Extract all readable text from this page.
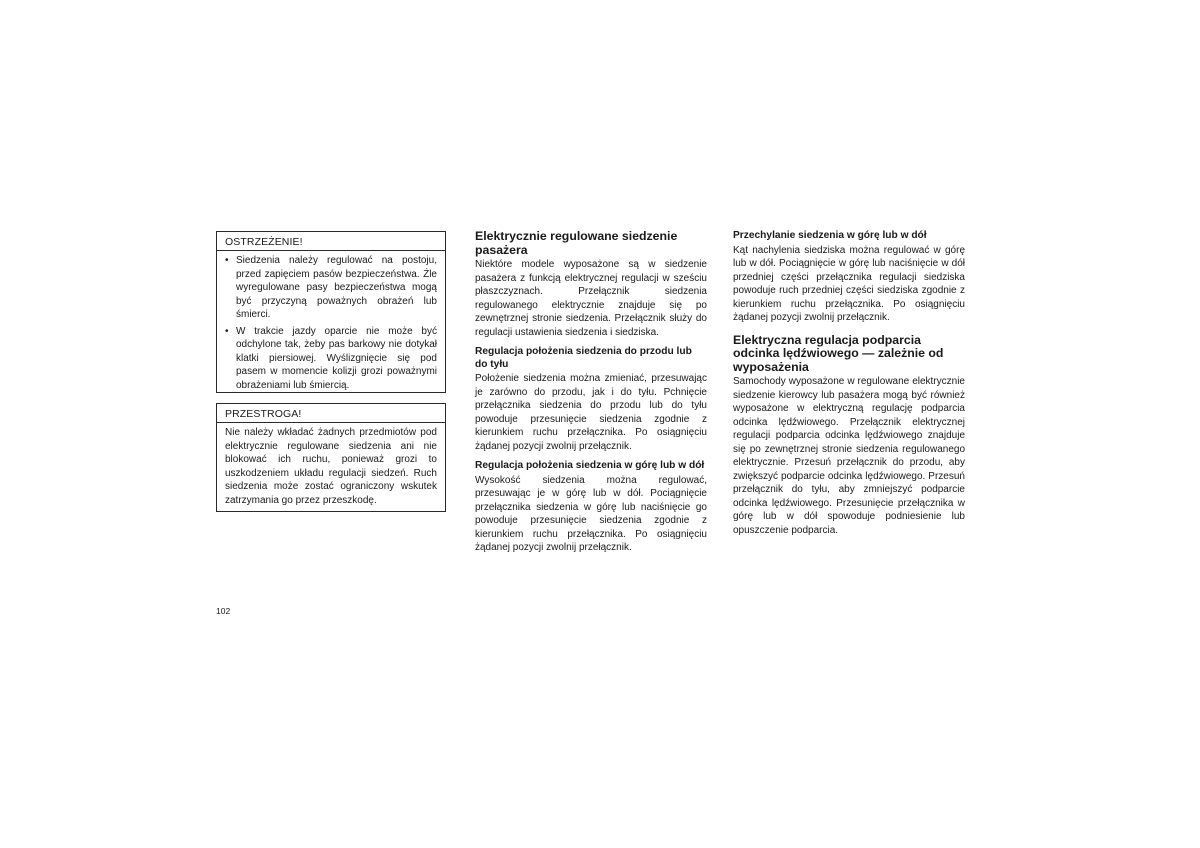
OSTRZEŻENIE!
• Siedzenia należy regulować na postoju, przed zapięciem pasów bezpieczeństwa. Źle wyregulowane pasy bezpieczeństwa mogą być przyczyną poważnych obrażeń lub śmierci.
• W trakcie jazdy oparcie nie może być odchylone tak, żeby pas barkowy nie dotykał klatki piersiowej. Wyślizgnięcie się pod pasem w momencie kolizji grozi poważnymi obrażeniami lub śmiercią.
PRZESTROGA!
Nie należy wkładać żadnych przedmiotów pod elektrycznie regulowane siedzenia ani nie blokować ich ruchu, ponieważ grozi to uszkodzeniem układu regulacji siedzeń. Ruch siedzenia może zostać ograniczony wskutek zatrzymania go przez przeszkodę.
Elektrycznie regulowane siedzenie pasażera

Niektóre modele wyposażone są w siedzenie pasażera z funkcją elektrycznej regulacji w sześciu płaszczyznach. Przełącznik siedzenia regulowanego elektrycznie znajduje się po zewnętrznej stronie siedzenia. Przełącznik służy do regulacji ustawienia siedzenia i siedziska.

Regulacja położenia siedzenia do przodu lub do tyłu

Położenie siedzenia można zmieniać, przesuwając je zarówno do przodu, jak i do tyłu. Pchnięcie przełącznika siedzenia do przodu lub do tyłu powoduje przesunięcie siedzenia zgodnie z kierunkiem ruchu przełącznika. Po osiągnięciu żądanej pozycji zwolnij przełącznik.

Regulacja położenia siedzenia w górę lub w dół

Wysokość siedzenia można regulować, przesuwając je w górę lub w dół. Pociągnięcie przełącznika siedzenia w górę lub naciśnięcie go powoduje przesunięcie siedzenia zgodnie z kierunkiem ruchu przełącznika. Po osiągnięciu żądanej pozycji zwolnij przełącznik.

Przechylanie siedzenia w górę lub w dół

Kąt nachylenia siedziska można regulować w górę lub w dół. Pociągnięcie w górę lub naciśnięcie w dół przedniej części przełącznika regulacji siedziska powoduje ruch przedniej części siedziska zgodnie z kierunkiem ruchu przełącznika. Po osiągnięciu żądanej pozycji zwolnij przełącznik.

Elektryczna regulacja podparcia odcinka lędźwiowego — zależnie od wyposażenia

Samochody wyposażone w regulowane elektrycznie siedzenie kierowcy lub pasażera mogą być również wyposażone w elektryczną regulację podparcia odcinka lędźwiowego. Przełącznik elektrycznej regulacji podparcia odcinka lędźwiowego znajduje się po zewnętrznej stronie siedzenia regulowanego elektrycznie. Przesuń przełącznik do przodu, aby zwiększyć podparcie odcinka lędźwiowego. Przesuń przełącznik do tyłu, aby zmniejszyć podparcie odcinka lędźwiowego. Przesunięcie przełącznika w górę lub w dół spowoduje podniesienie lub opuszczenie podparcia.

102
